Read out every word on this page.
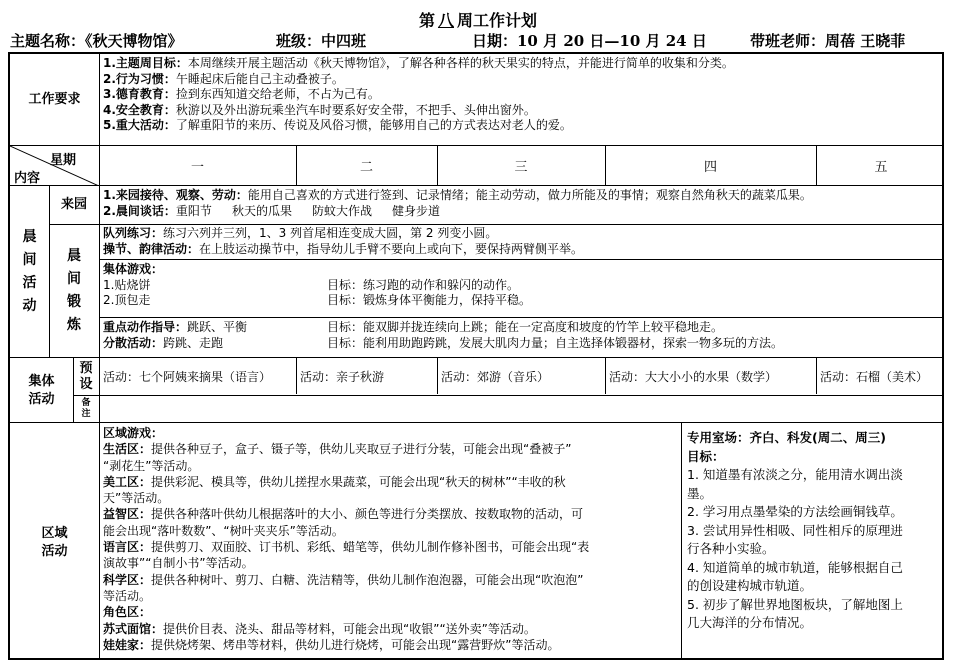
第 八 周工作计划
主题名称：《秋天博物馆》	班级：中四班	日期：10 月 20 日—10 月 24 日	带班老师：周蓓 王晓菲
工作要求
1.主题周目标：本周继续开展主题活动《秋天博物馆》，了解各种各样的秋天果实的特点，并能进行简单的收集和分类。
2.行为习惯：午睡起床后能自己主动叠被子。
3.德育教育：捡到东西知道交给老师，不占为己有。
4.安全教育：秋游以及外出游玩乘坐汽车时要系好安全带，不把手、头伸出窗外。
5.重大活动：了解重阳节的来历、传说及风俗习惯，能够用自己的方式表达对老人的爱。
星期
内容
一	二	三	四	五
晨间活动
来园
1.来园接待、观察、劳动：能用自己喜欢的方式进行签到、记录情绪；能主动劳动，做力所能及的事情；观察自然角秋天的蔬菜瓜果。
2.晨间谈话：重阳节 秋天的瓜果 防蚊大作战 健身步道
晨间锻炼
队列练习：练习六列并三列，1、3 列首尾相连变成大圆，第 2 列变小圆。
操节、韵律活动：在上肢运动操节中，指导幼儿手臂不要向上或向下，要保持两臂侧平举。
集体游戏：
1.贴烧饼	目标：练习跑的动作和躲闪的动作。
2.顶包走	目标：锻炼身体平衡能力，保持平稳。
重点动作指导：跳跃、平衡	目标：能双脚并拢连续向上跳；能在一定高度和坡度的竹竿上较平稳地走。
分散活动：跨跳、走跑	目标：能利用助跑跨跳，发展大肌肉力量；自主选择体锻器材，探索一物多玩的方法。
集体活动
预设
备注
活动：七个阿姨来摘果（语言）	活动：亲子秋游	活动：郊游（音乐）	活动：大大小小的水果（数学）	活动：石榴（美术）
区域活动
区域游戏：
生活区：提供各种豆子，盒子、镊子等，供幼儿夹取豆子进行分装，可能会出现“叠被子”
“剥花生”等活动。
美工区：提供彩泥、模具等，供幼儿搓捏水果蔬菜，可能会出现“秋天的树林”“丰收的秋
天”等活动。
益智区：提供各种落叶供幼儿根据落叶的大小、颜色等进行分类摆放、按数取物的活动，可
能会出现“落叶数数”、“树叶夹夹乐”等活动。
语言区：提供剪刀、双面胶、订书机、彩纸、蜡笔等，供幼儿制作修补图书，可能会出现“表
演故事”“自制小书”等活动。
科学区：提供各种树叶、剪刀、白糖、洗洁精等，供幼儿制作泡泡器，可能会出现“吹泡泡”
等活动。
角色区：
苏式面馆：提供价目表、浇头、甜品等材料，可能会出现“收银”“送外卖”等活动。
娃娃家：提供烧烤架、烤串等材料，供幼儿进行烧烤，可能会出现“露营野炊”等活动。
专用室场：齐白、科发(周二、周三)
目标：
1. 知道墨有浓淡之分，能用清水调出淡
墨。
2. 学习用点墨晕染的方法绘画铜钱草。
3. 尝试用异性相吸、同性相斥的原理进
行各种小实验。
4. 知道简单的城市轨道，能够根据自己
的创设建构城市轨道。
5. 初步了解世界地图板块，了解地图上
几大海洋的分布情况。
